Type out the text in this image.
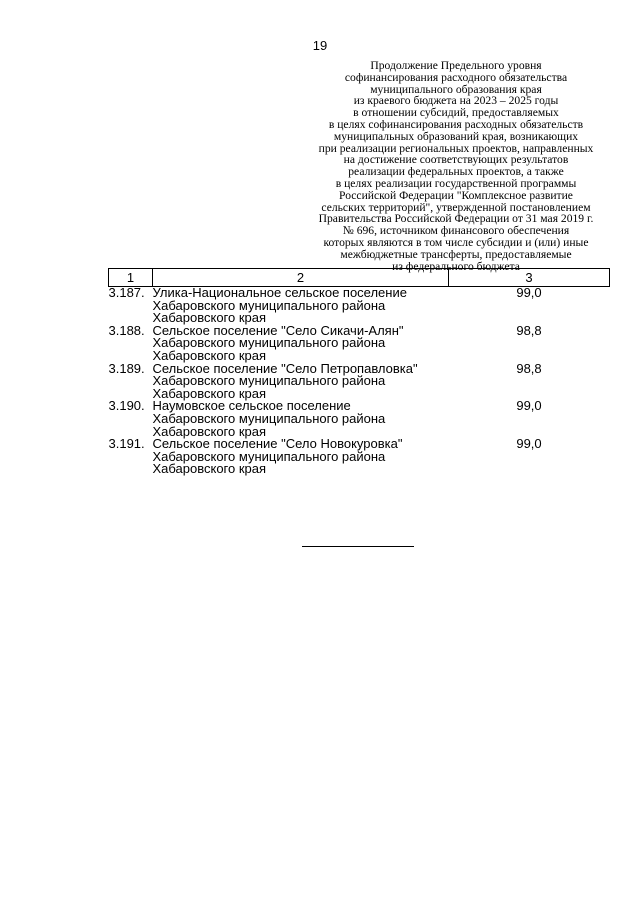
19
Продолжение Предельного уровня
софинансирования расходного обязательства
муниципального образования края
из краевого бюджета на 2023 – 2025 годы
в отношении субсидий, предоставляемых
в целях софинансирования расходных обязательств
муниципальных образований края, возникающих
при реализации региональных проектов, направленных
на достижение соответствующих результатов
реализации федеральных проектов, а также
в целях реализации государственной программы
Российской Федерации "Комплексное развитие
сельских территорий", утвержденной постановлением
Правительства Российской Федерации от 31 мая 2019 г.
№ 696, источником финансового обеспечения
которых являются в том числе субсидии и (или) иные
межбюджетные трансферты, предоставляемые
из федерального бюджета
1	2	3
3.187.	Улика-Национальное сельское поселение
Хабаровского муниципального района
Хабаровского края	99,0
3.188.	Сельское поселение "Село Сикачи-Алян"
Хабаровского муниципального района
Хабаровского края	98,8
3.189.	Сельское поселение "Село Петропавловка"
Хабаровского муниципального района
Хабаровского края	98,8
3.190.	Наумовское сельское поселение
Хабаровского муниципального района
Хабаровского края	99,0
3.191.	Сельское поселение "Село Новокуровка"
Хабаровского муниципального района
Хабаровского края	99,0
